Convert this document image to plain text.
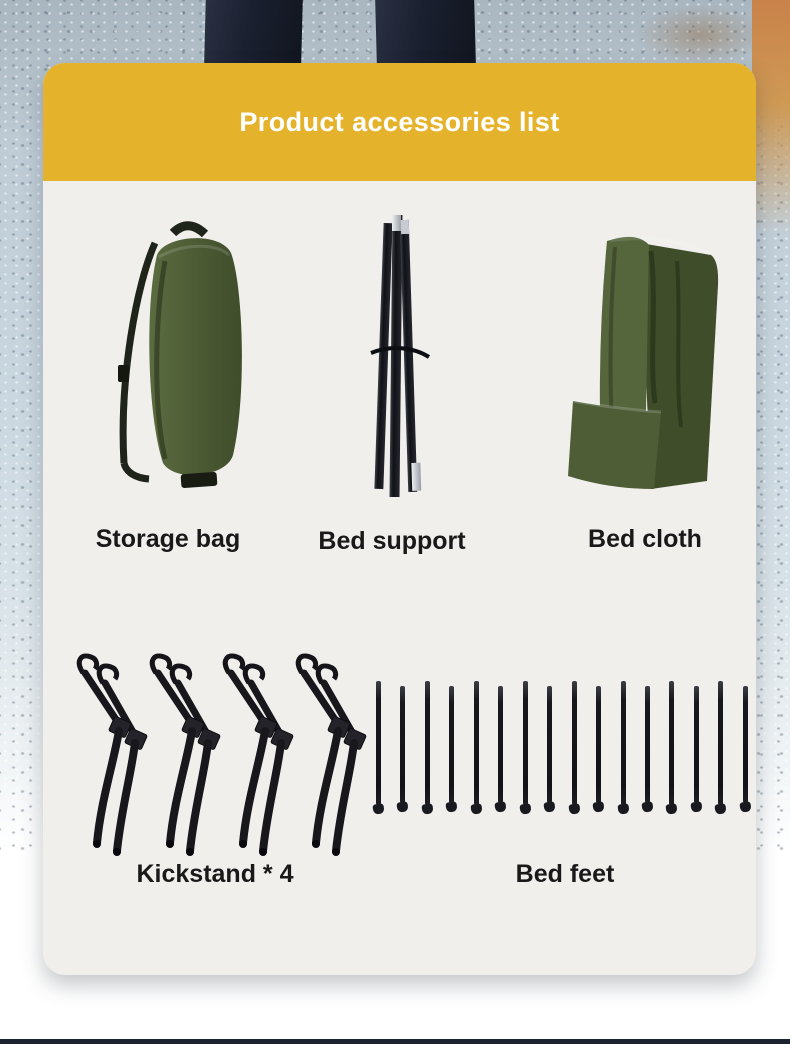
Product accessories list
Storage bag	Bed support	Bed cloth
Kickstand * 4	Bed feet
